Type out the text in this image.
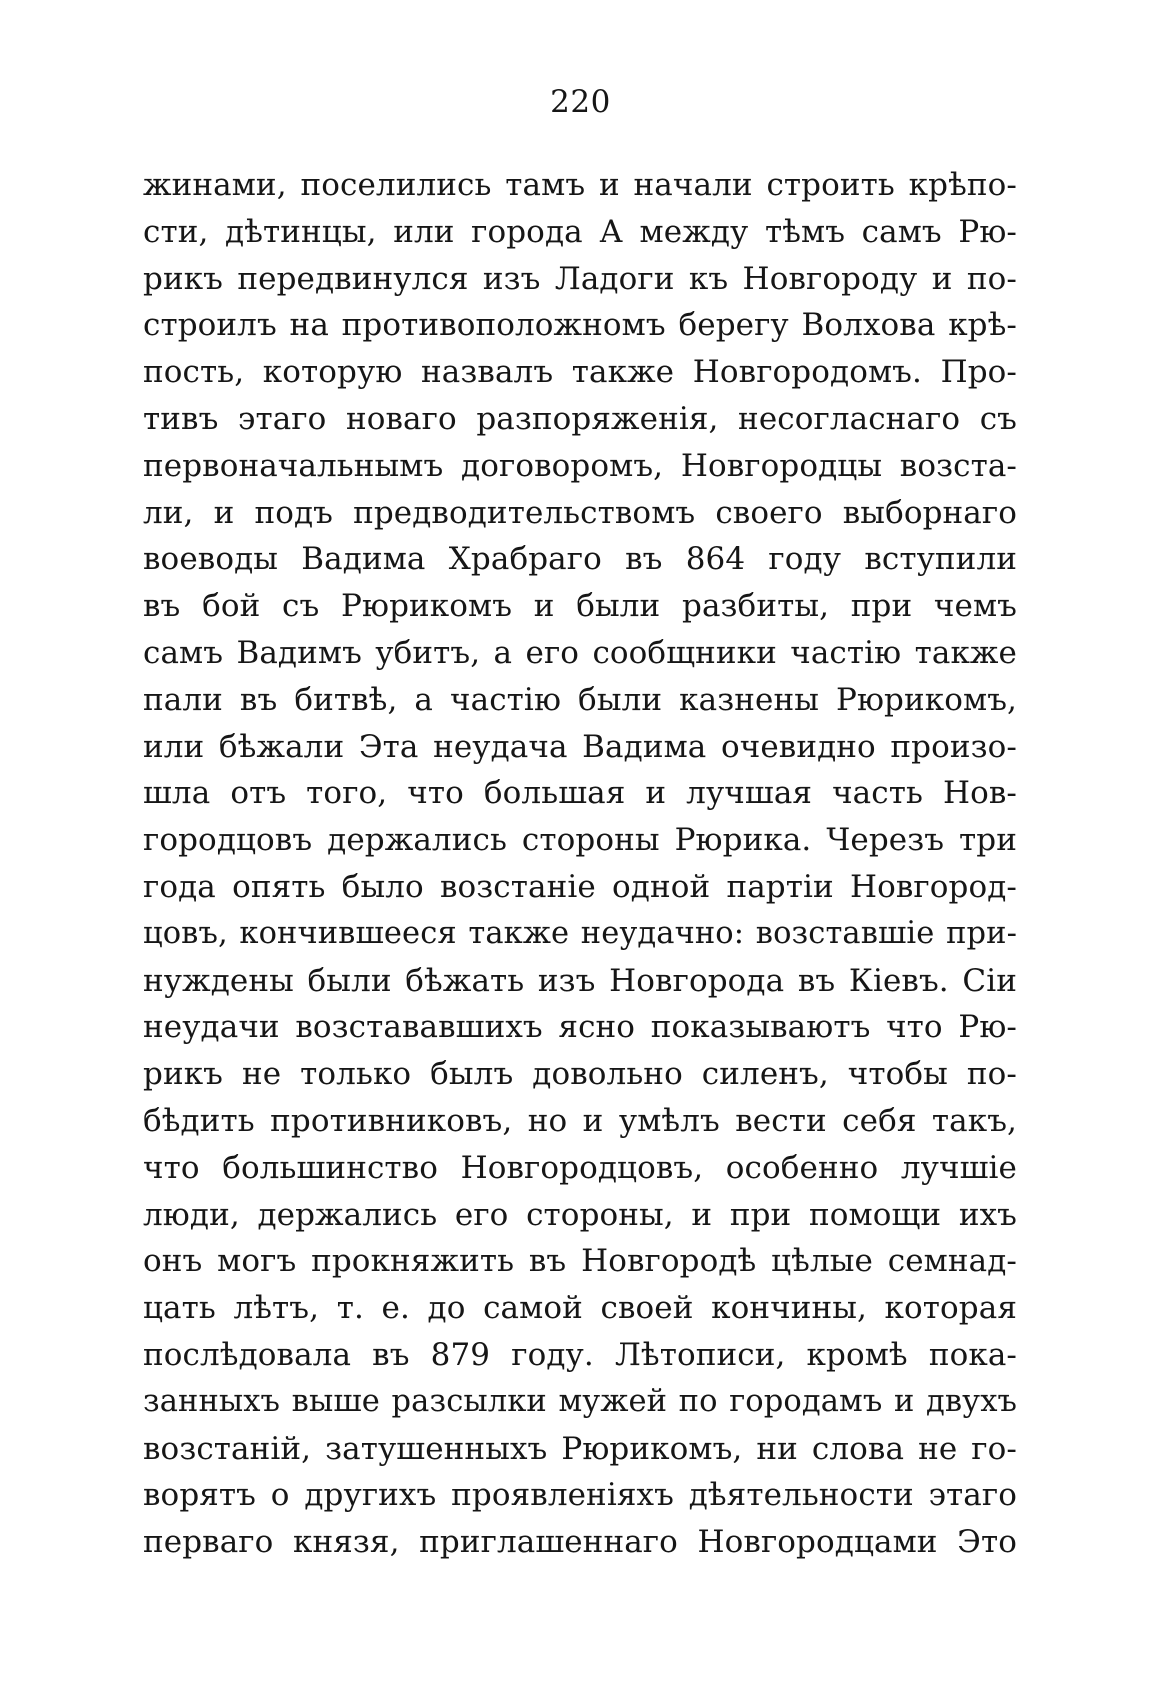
220
жинами, поселились тамъ и начали строить крѣпо-
сти, дѣтинцы, или города А между тѣмъ самъ Рю-
рикъ передвинулся изъ Ладоги къ Новгороду и по-
строилъ на противоположномъ берегу Волхова крѣ-
пость, которую назвалъ также Новгородомъ. Про-
тивъ этаго новаго разпоряженія, несогласнаго съ
первоначальнымъ договоромъ, Новгородцы возста-
ли, и подъ предводительствомъ своего выборнаго
воеводы Вадима Храбраго въ 864 году вступили
въ бой съ Рюрикомъ и были разбиты, при чемъ
самъ Вадимъ убитъ, а его сообщники частію также
пали въ битвѣ, а частію были казнены Рюрикомъ,
или бѣжали Эта неудача Вадима очевидно произо-
шла отъ того, что большая и лучшая часть Нов-
городцовъ держались стороны Рюрика. Черезъ три
года опять было возстаніе одной партіи Новгород-
цовъ, кончившееся также неудачно: возставшіе при-
нуждены были бѣжать изъ Новгорода въ Кіевъ. Сіи
неудачи возстававшихъ ясно показываютъ что Рю-
рикъ не только былъ довольно силенъ, чтобы по-
бѣдить противниковъ, но и умѣлъ вести себя такъ,
что большинство Новгородцовъ, особенно лучшіе
люди, держались его стороны, и при помощи ихъ
онъ могъ прокняжить въ Новгородѣ цѣлые семнад-
цать лѣтъ, т. е. до самой своей кончины, которая
послѣдовала въ 879 году. Лѣтописи, кромѣ пока-
занныхъ выше разсылки мужей по городамъ и двухъ
возстаній, затушенныхъ Рюрикомъ, ни слова не го-
ворятъ о другихъ проявленіяхъ дѣятельности этаго
перваго князя, приглашеннаго Новгородцами Это
